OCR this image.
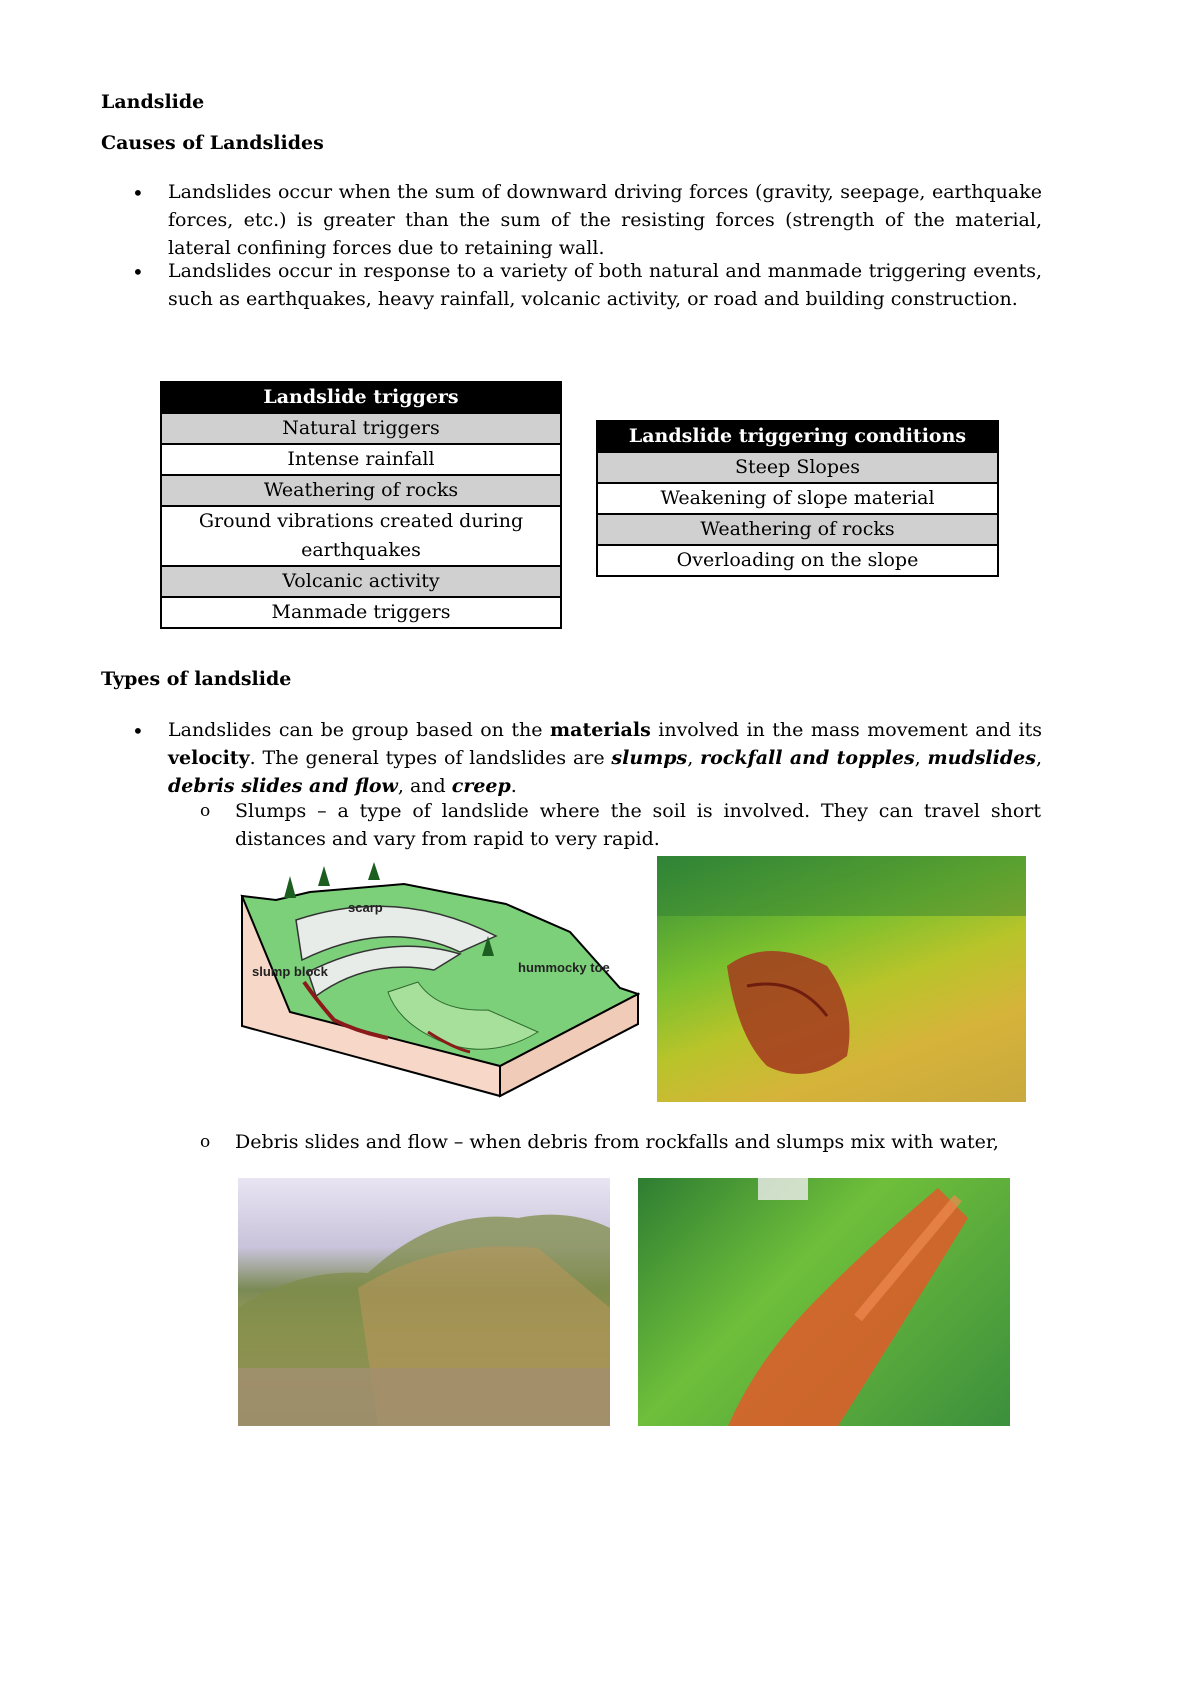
Landslide
Causes of Landslides
• Landslides occur when the sum of downward driving forces (gravity, seepage, earthquake forces, etc.) is greater than the sum of the resisting forces (strength of the material, lateral confining forces due to retaining wall.
• Landslides occur in response to a variety of both natural and manmade triggering events, such as earthquakes, heavy rainfall, volcanic activity, or road and building construction.
Landslide triggers
Natural triggers
Intense rainfall
Weathering of rocks
Ground vibrations created during earthquakes
Volcanic activity
Manmade triggers
Landslide triggering conditions
Steep Slopes
Weakening of slope material
Weathering of rocks
Overloading on the slope
Types of landslide
• Landslides can be group based on the materials involved in the mass movement and its velocity. The general types of landslides are slumps, rockfall and topples, mudslides, debris slides and flow, and creep.
o Slumps – a type of landslide where the soil is involved. They can travel short distances and vary from rapid to very rapid.
scarp
slump block	hummocky toe
o Debris slides and flow – when debris from rockfalls and slumps mix with water,
